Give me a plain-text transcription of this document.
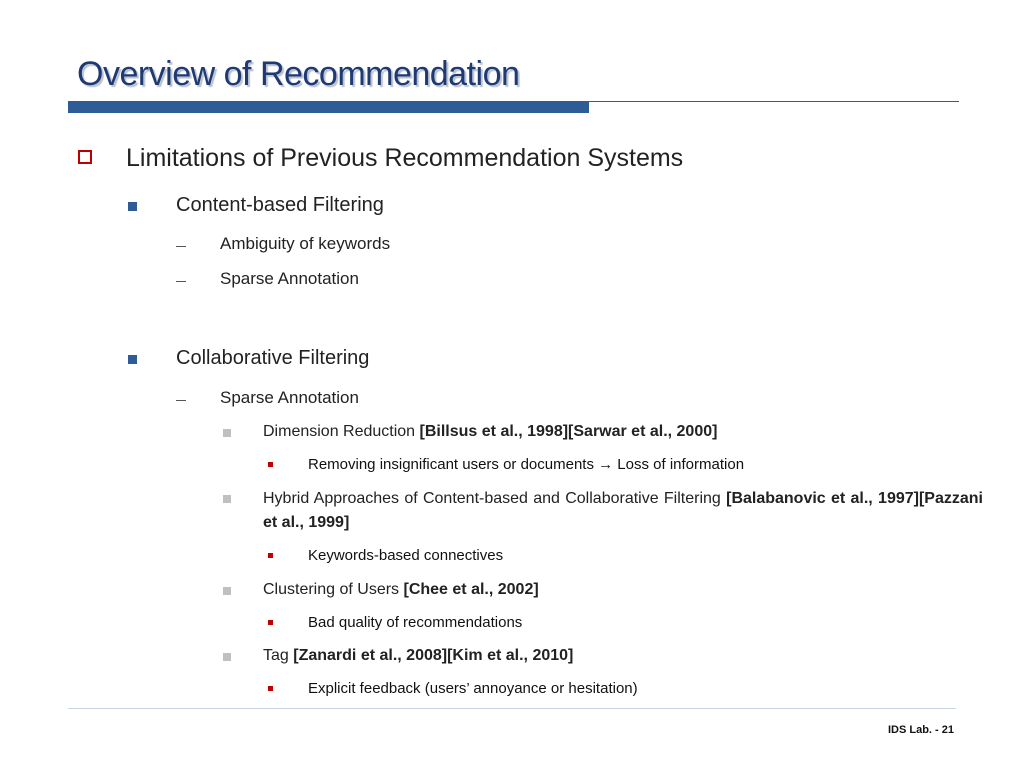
Overview of Recommendation
Limitations of Previous Recommendation Systems
Content-based Filtering
Ambiguity of keywords
Sparse Annotation
Collaborative Filtering
Sparse Annotation
Dimension Reduction [Billsus et al., 1998][Sarwar et al., 2000]
Removing insignificant users or documents → Loss of information
Hybrid Approaches of Content-based and Collaborative Filtering [Balabanovic et al., 1997][Pazzani et al., 1999]
Keywords-based connectives
Clustering of Users [Chee et al., 2002]
Bad quality of recommendations
Tag [Zanardi et al., 2008][Kim et al., 2010]
Explicit feedback (users’ annoyance or hesitation)
IDS Lab. - 21
